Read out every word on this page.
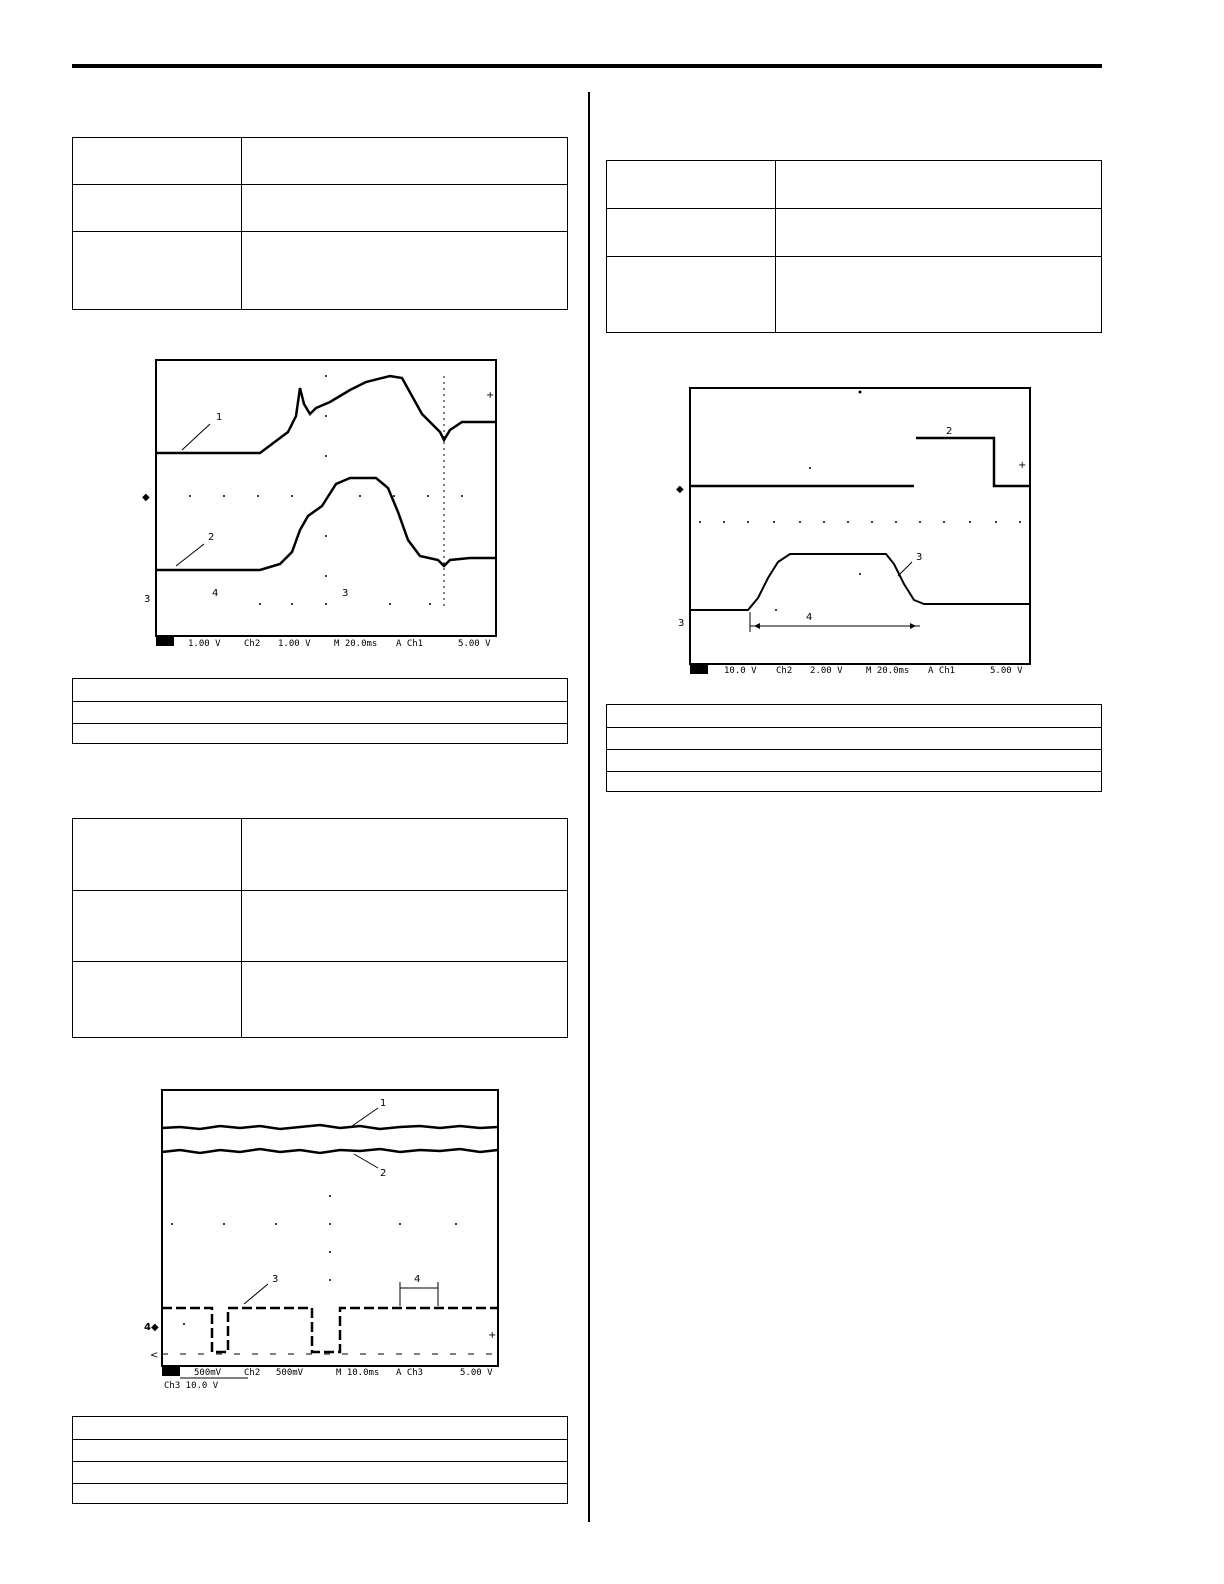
◆
3
+
1
2
3
4
1.00 V	Ch2 1.00 V	M 20.0ms A Ch1	5.00 V
4◆
<
+
1
2
3	4
500mV	Ch2 500mV	M 10.0ms A Ch3	5.00 V
Ch3 10.0 V
◆
3
+
2
3
4
10.0 V Ch2 2.00 V	M 20.0ms A Ch1	5.00 V
